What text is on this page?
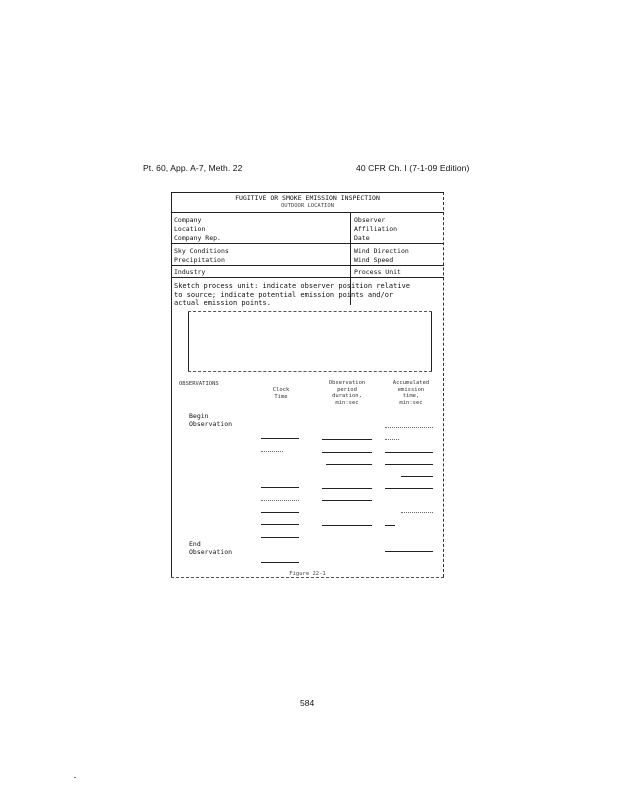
Pt. 60, App. A-7, Meth. 22	40 CFR Ch. I (7-1-09 Edition)
FUGITIVE OR SMOKE EMISSION INSPECTION
OUTDOOR LOCATION
Company
Location
Company Rep.
Observer
Affiliation
Date
Sky Conditions
Precipitation
Wind Direction
Wind Speed
Industry	Process Unit
Sketch process unit: indicate observer position relative
to source; indicate potential emission points and/or
actual emission points.
OBSERVATIONS
Clock
Time
Observation
period
duration,
min:sec
Accumulated
emission
time,
min:sec
Begin
Observation
End
Observation
Figure 22-1
584
